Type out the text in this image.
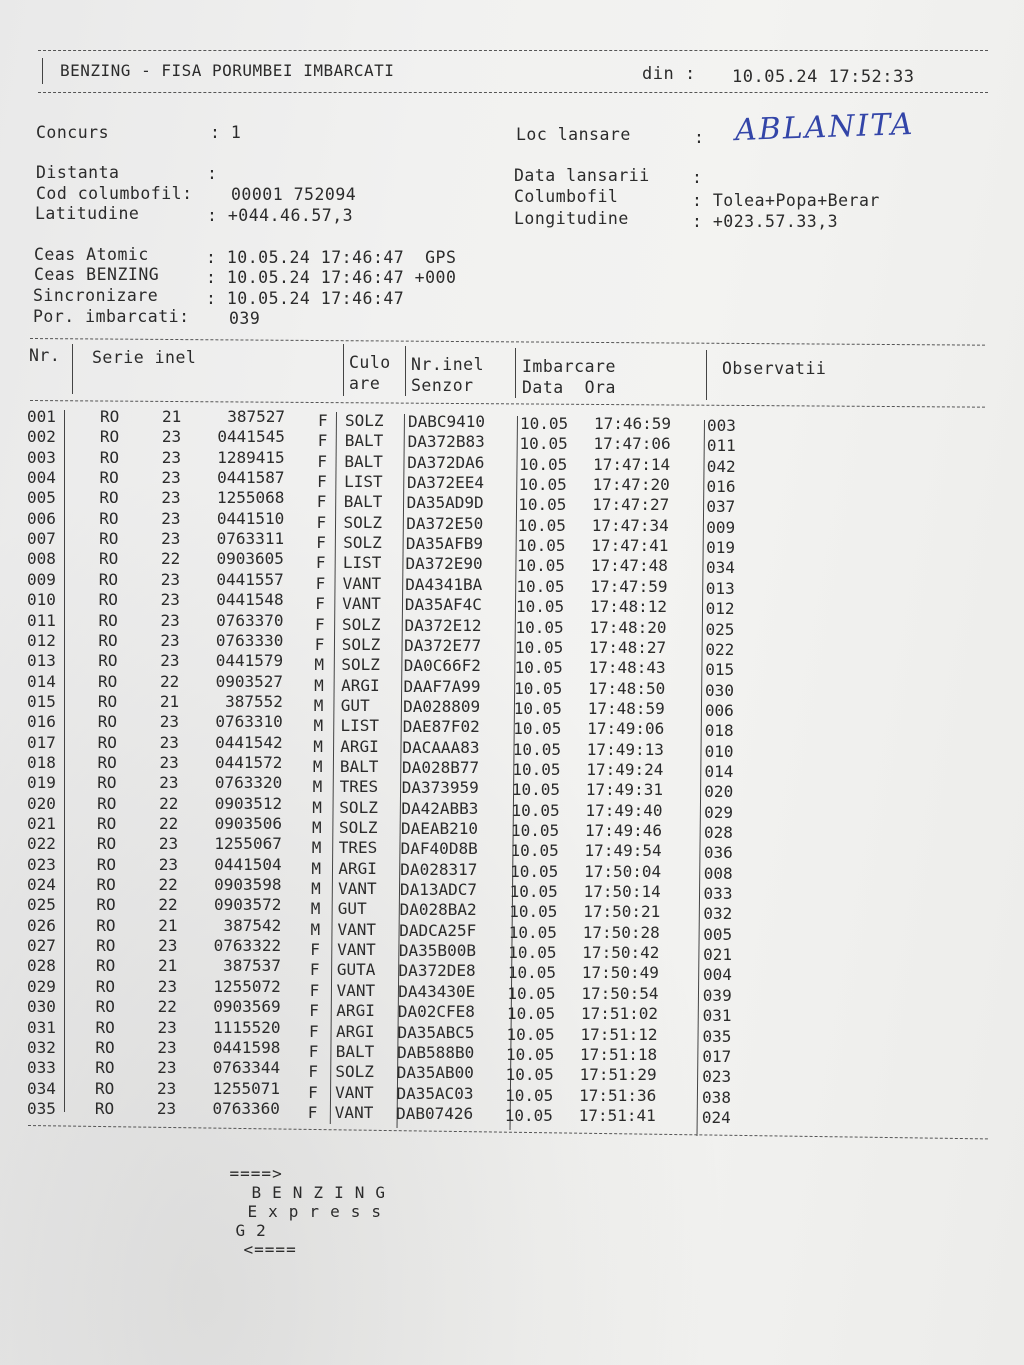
BENZING - FISA PORUMBEI IMBARCATI	din : 10.05.24 17:52:33
Concurs	: 1	Loc lansare	: ABLANITA
Distanta	:	Data lansarii	:
Cod columbofil: 00001 752094	Columbofil	: Tolea+Popa+Berar
Latitudine	: +044.46.57,3	Longitudine	: +023.57.33,3
Ceas Atomic	: 10.05.24 17:46:47  GPS
Ceas BENZING	: 10.05.24 17:46:47 +000
Sincronizare	: 10.05.24 17:46:47
Por. imbarcati: 039
Nr. Serie inel	Culo
are
Nr.inel
Senzor
Imbarcare
Data  Ora
Observatii
001	RO	21	387527 F SOLZ DABC9410 10.05 17:46:59 003
002	RO	23	0441545 F BALT DA372B83 10.05 17:47:06 011
003	RO	23	1289415 F BALT DA372DA6 10.05 17:47:14 042
004	RO	23	0441587 F LIST DA372EE4 10.05 17:47:20 016
005	RO	23	1255068 F BALT DA35AD9D 10.05 17:47:27 037
006	RO	23	0441510 F SOLZ DA372E50 10.05 17:47:34 009
007	RO	23	0763311 F SOLZ DA35AFB9 10.05 17:47:41 019
008	RO	22	0903605 F LIST DA372E90 10.05 17:47:48 034
009	RO	23	0441557 F VANT DA4341BA 10.05 17:47:59 013
010	RO	23	0441548 F VANT DA35AF4C 10.05 17:48:12 012
011	RO	23	0763370 F SOLZ DA372E12 10.05 17:48:20 025
012	RO	23	0763330 F SOLZ DA372E77 10.05 17:48:27 022
013	RO	23	0441579 M SOLZ DA0C66F2 10.05 17:48:43 015
014	RO	22	0903527 M ARGI DAAF7A99 10.05 17:48:50 030
015	RO	21	387552 M GUT DA028809 10.05 17:48:59	006
016	RO	23	0763310 M LIST DAE87F02 10.05 17:49:06	018
017	RO	23	0441542 M ARGI DACAAA83 10.05 17:49:13	010
018	RO	23	0441572 M BALT DA028B77 10.05 17:49:24	014
019	RO	23	0763320 M TRES DA373959 10.05 17:49:31	020
020	RO	22	0903512 M SOLZ DA42ABB3 10.05 17:49:40	029
021	RO	22	0903506 M SOLZ DAEAB210 10.05 17:49:46	028
022	RO	23	1255067 M TRES DAF40D8B 10.05 17:49:54	036
023	RO	23	0441504 M ARGI DA028317 10.05 17:50:04	008
024	RO	22	0903598 M VANT DA13ADC7 10.05 17:50:14	033
025	RO	22	0903572 M GUT DA028BA2 10.05 17:50:21	032
026	RO	21	387542 M VANT DADCA25F 10.05 17:50:28	005
027	RO	23	0763322 F VANT DA35B00B 10.05 17:50:42	021
028	RO	21	387537 F GUTA DA372DE8 10.05 17:50:49	004
029 RO	23	1255072 F VANT DA43430E 10.05 17:50:54	039
030 RO	22	0903569 F ARGI DA02CFE8 10.05 17:51:02	031
031 RO	23	1115520 F ARGI DA35ABC5 10.05 17:51:12	035
032 RO	23	0441598 F BALT DAB588B0 10.05 17:51:18	017
033 RO	23	0763344 F SOLZ DA35AB00 10.05 17:51:29	023
034 RO	23	1255071 F VANT DA35AC03 10.05 17:51:36	038
035 RO	23	0763360 F VANT DAB07426 10.05 17:51:41	024

====>
BENZING
Express
G2
<====
